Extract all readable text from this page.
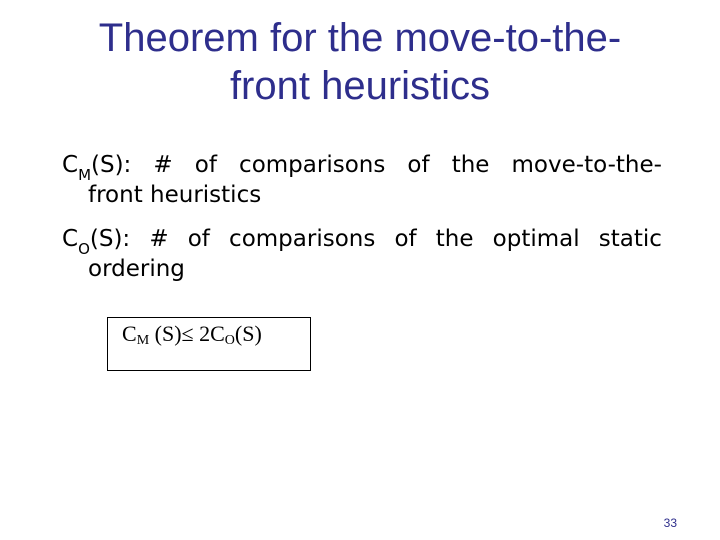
Theorem for the move-to-the-
front heuristics
$C_M(S)$: # of comparisons of the move-to-the-
front heuristics
$C_O(S)$: # of comparisons of the optimal static
ordering
CM (S)≤ 2CO(S)
33
